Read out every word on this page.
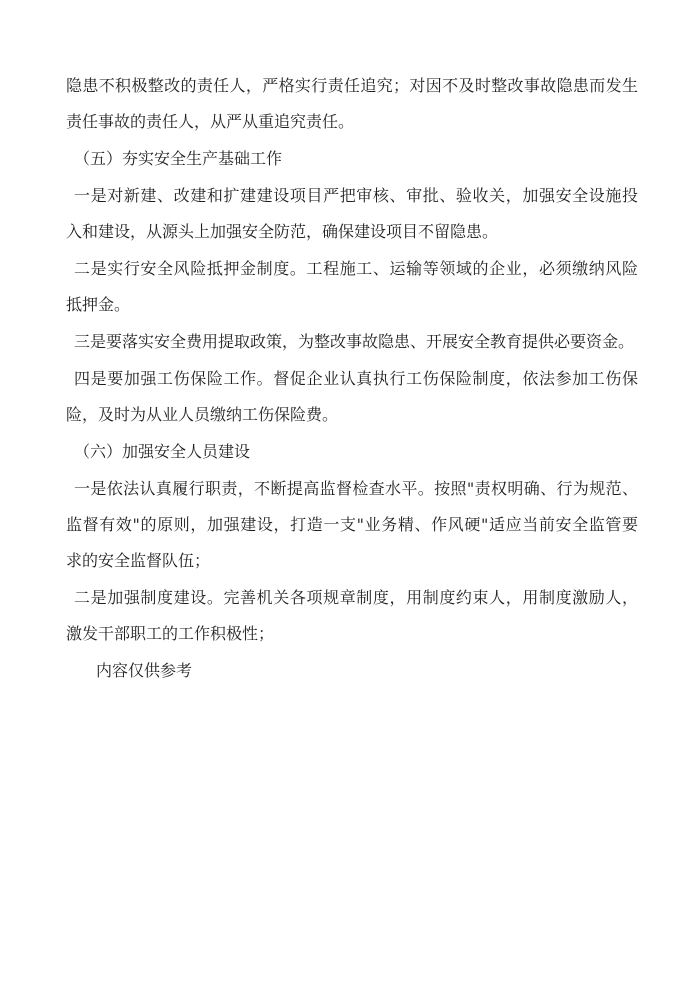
隐患不积极整改的责任人，严格实行责任追究；对因不及时整改事故隐患而发生
责任事故的责任人，从严从重追究责任。
（五）夯实安全生产基础工作
一是对新建、改建和扩建建设项目严把审核、审批、验收关，加强安全设施投
入和建设，从源头上加强安全防范，确保建设项目不留隐患。
二是实行安全风险抵押金制度。工程施工、运输等领域的企业，必须缴纳风险
抵押金。
三是要落实安全费用提取政策，为整改事故隐患、开展安全教育提供必要资金。
四是要加强工伤保险工作。督促企业认真执行工伤保险制度，依法参加工伤保
险，及时为从业人员缴纳工伤保险费。
（六）加强安全人员建设
一是依法认真履行职责，不断提高监督检查水平。按照"责权明确、行为规范、
监督有效"的原则，加强建设，打造一支"业务精、作风硬"适应当前安全监管要
求的安全监督队伍；
二是加强制度建设。完善机关各项规章制度，用制度约束人，用制度激励人，
激发干部职工的工作积极性；
内容仅供参考
